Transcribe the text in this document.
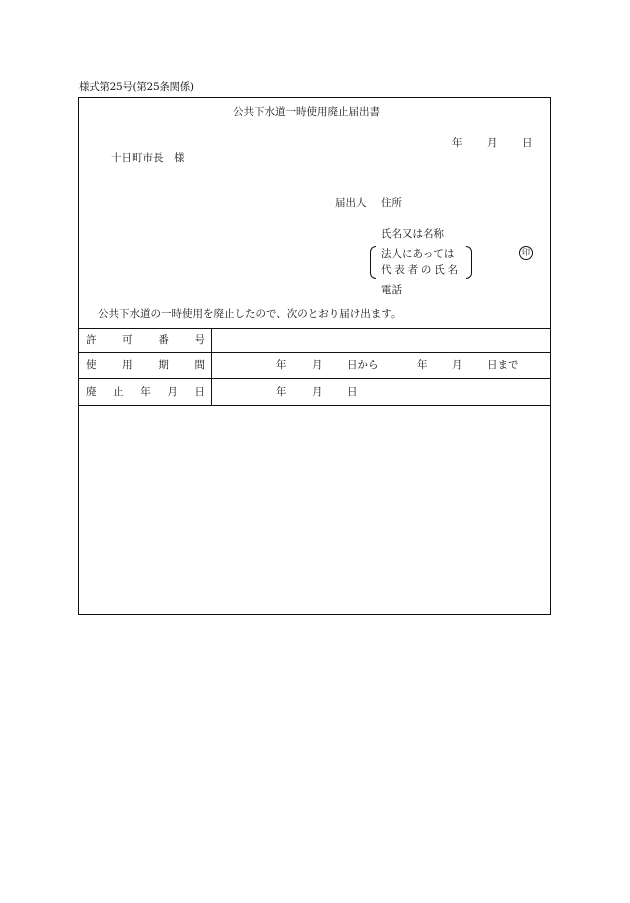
様式第25号(第25条関係)
公共下水道一時使用廃止届出書
年 月 日
十日町市長　様
届出人 住所
氏名又は名称
法人にあっては
代表者の氏名
印
電話
公共下水道の一時使用を廃止したので、次のとおり届け出ます。
許 可 番 号
使 用 期 間	年 月 日から	年 月 日まで
廃 止 年 月 日	年 月 日
